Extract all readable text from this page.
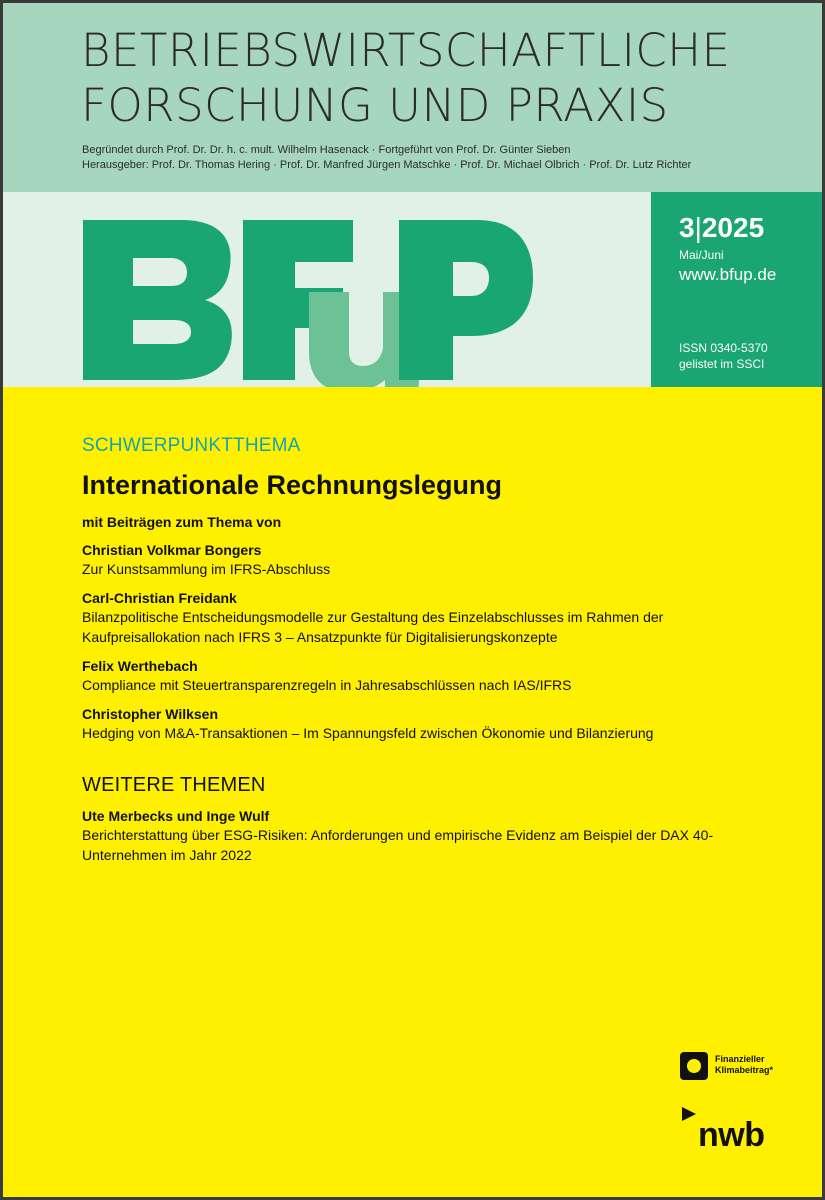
BETRIEBSWIRTSCHAFTLICHE
FORSCHUNG UND PRAXIS
Begründet durch Prof. Dr. Dr. h. c. mult. Wilhelm Hasenack · Fortgeführt von Prof. Dr. Günter Sieben
Herausgeber: Prof. Dr. Thomas Hering · Prof. Dr. Manfred Jürgen Matschke · Prof. Dr. Michael Olbrich · Prof. Dr. Lutz Richter
3|2025
Mai/Juni
www.bfup.de
ISSN 0340-5370
gelistet im SSCI
SCHWERPUNKTTHEMA
Internationale Rechnungslegung
mit Beiträgen zum Thema von
Christian Volkmar Bongers
Zur Kunstsammlung im IFRS-Abschluss
Carl-Christian Freidank
Bilanzpolitische Entscheidungsmodelle zur Gestaltung des Einzelabschlusses im Rahmen der Kaufpreisallokation nach IFRS 3 – Ansatzpunkte für Digitalisierungskonzepte
Felix Werthebach
Compliance mit Steuertransparenzregeln in Jahresabschlüssen nach IAS/IFRS
Christopher Wilksen
Hedging von M&A-Transaktionen – Im Spannungsfeld zwischen Ökonomie und Bilanzierung
WEITERE THEMEN
Ute Merbecks und Inge Wulf
Berichterstattung über ESG-Risiken: Anforderungen und empirische Evidenz am Beispiel der DAX 40-Unternehmen im Jahr 2022
Finanzieller
Klimabeitrag*
nwb
